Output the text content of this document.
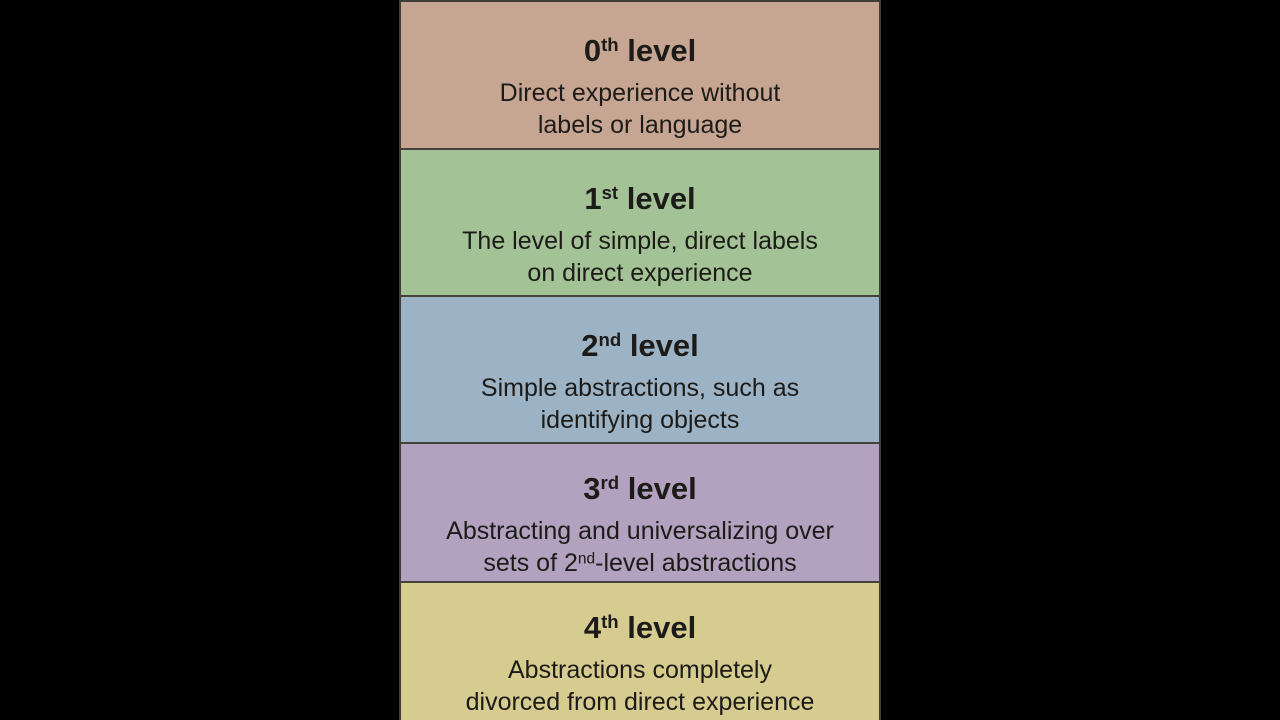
0th level

Direct experience without
labels or language

1st level

The level of simple, direct labels
on direct experience

2nd level

Simple abstractions, such as
identifying objects

3rd level

Abstracting and universalizing over
sets of 2nd-level abstractions

4th level

Abstractions completely
divorced from direct experience
